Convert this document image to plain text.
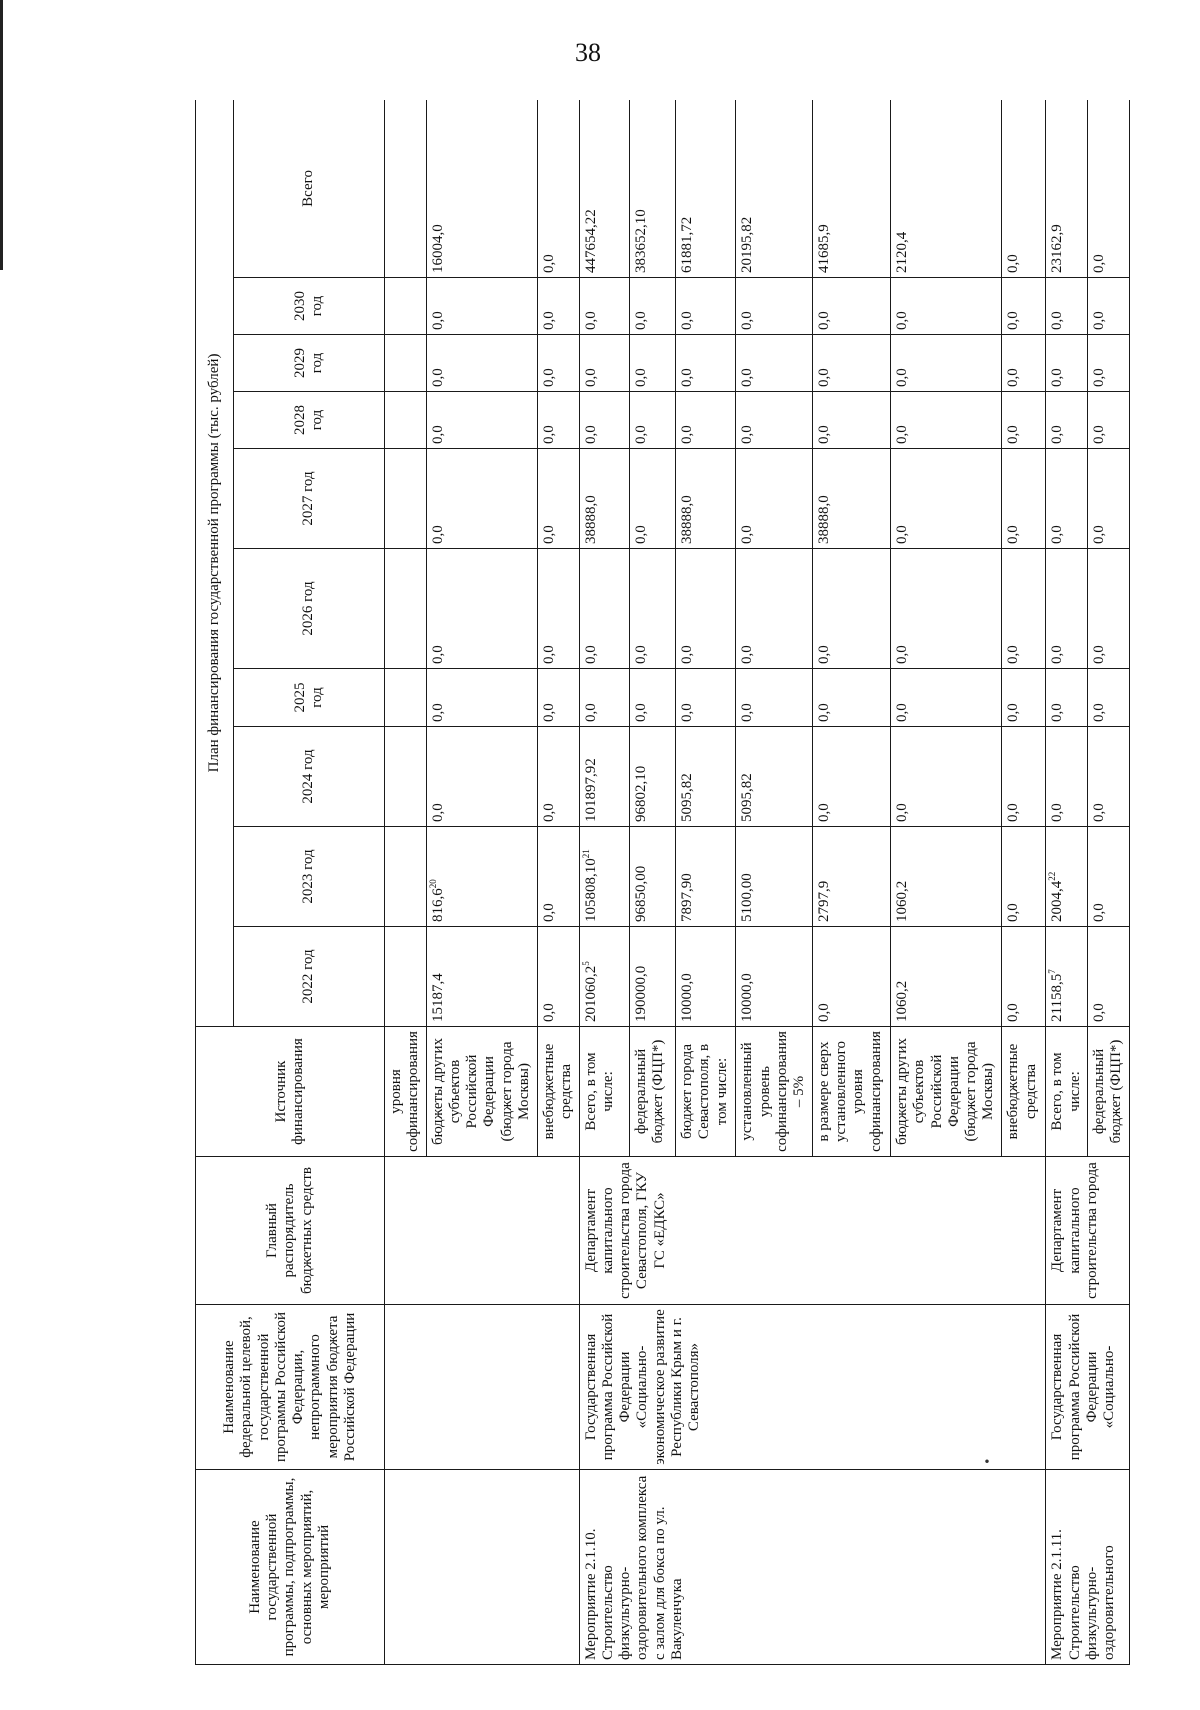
38
·
Наименование государственной программы, подпрограммы, основных мероприятий, мероприятий	Наименование федеральной целевой, государственной программы Российской Федерации, непрограммного мероприятия бюджета Российской Федерации	Главный распорядитель бюджетных средств	Источник финансирования	План финансирования государственной программы (тыс. рублей)									
				2022 год	2023 год	2024 год	2025 год	2026 год	2027 год	2028 год	2029 год	2030 год	Всего
			уровня софинансирования										
			бюджеты других субъектов Российской Федерации (бюджет города Москвы)	15187,4	816,6$^{20}$	0,0	0,0	0,0	0,0	0,0	0,0	0,0	16004,0
			внебюджетные средства	0,0	0,0	0,0	0,0	0,0	0,0	0,0	0,0	0,0	0,0
Мероприятие 2.1.10. Строительство физкультурно-оздоровительного комплекса с залом для бокса по ул. Вакуленчука	Государственная программа Российской Федерации «Социально-экономическое развитие Республики Крым и г. Севастополя»	Департамент капитального строительства города Севастополя, ГКУ ГС «ЕДКС»	Всего, в том числе:	201060,2$^5$	105808,10$^{21}$	101897,92	0,0	0,0	38888,0	0,0	0,0	0,0	447654,22
			федеральный бюджет (ФЦП*)	190000,0	96850,00	96802,10	0,0	0,0	0,0	0,0	0,0	0,0	383652,10
			бюджет города Севастополя, в том числе:	10000,0	7897,90	5095,82	0,0	0,0	38888,0	0,0	0,0	0,0	61881,72
			установленный уровень софинансирования – 5%	10000,0	5100,00	5095,82	0,0	0,0	0,0	0,0	0,0	0,0	20195,82
			в размере сверх установленного уровня софинансирования	0,0	2797,9	0,0	0,0	0,0	38888,0	0,0	0,0	0,0	41685,9
			бюджеты других субъектов Российской Федерации (бюджет города Москвы)	1060,2	1060,2	0,0	0,0	0,0	0,0	0,0	0,0	0,0	2120,4
			внебюджетные средства	0,0	0,0	0,0	0,0	0,0	0,0	0,0	0,0	0,0	0,0
Мероприятие 2.1.11. Строительство физкультурно-оздоровительного	Государственная программа Российской Федерации «Социально-	Департамент капитального строительства города	Всего, в том числе:	21158,5$^7$	2004,4$^{22}$	0,0	0,0	0,0	0,0	0,0	0,0	0,0	23162,9
			федеральный бюджет (ФЦП*)	0,0	0,0	0,0	0,0	0,0	0,0	0,0	0,0	0,0	0,0
